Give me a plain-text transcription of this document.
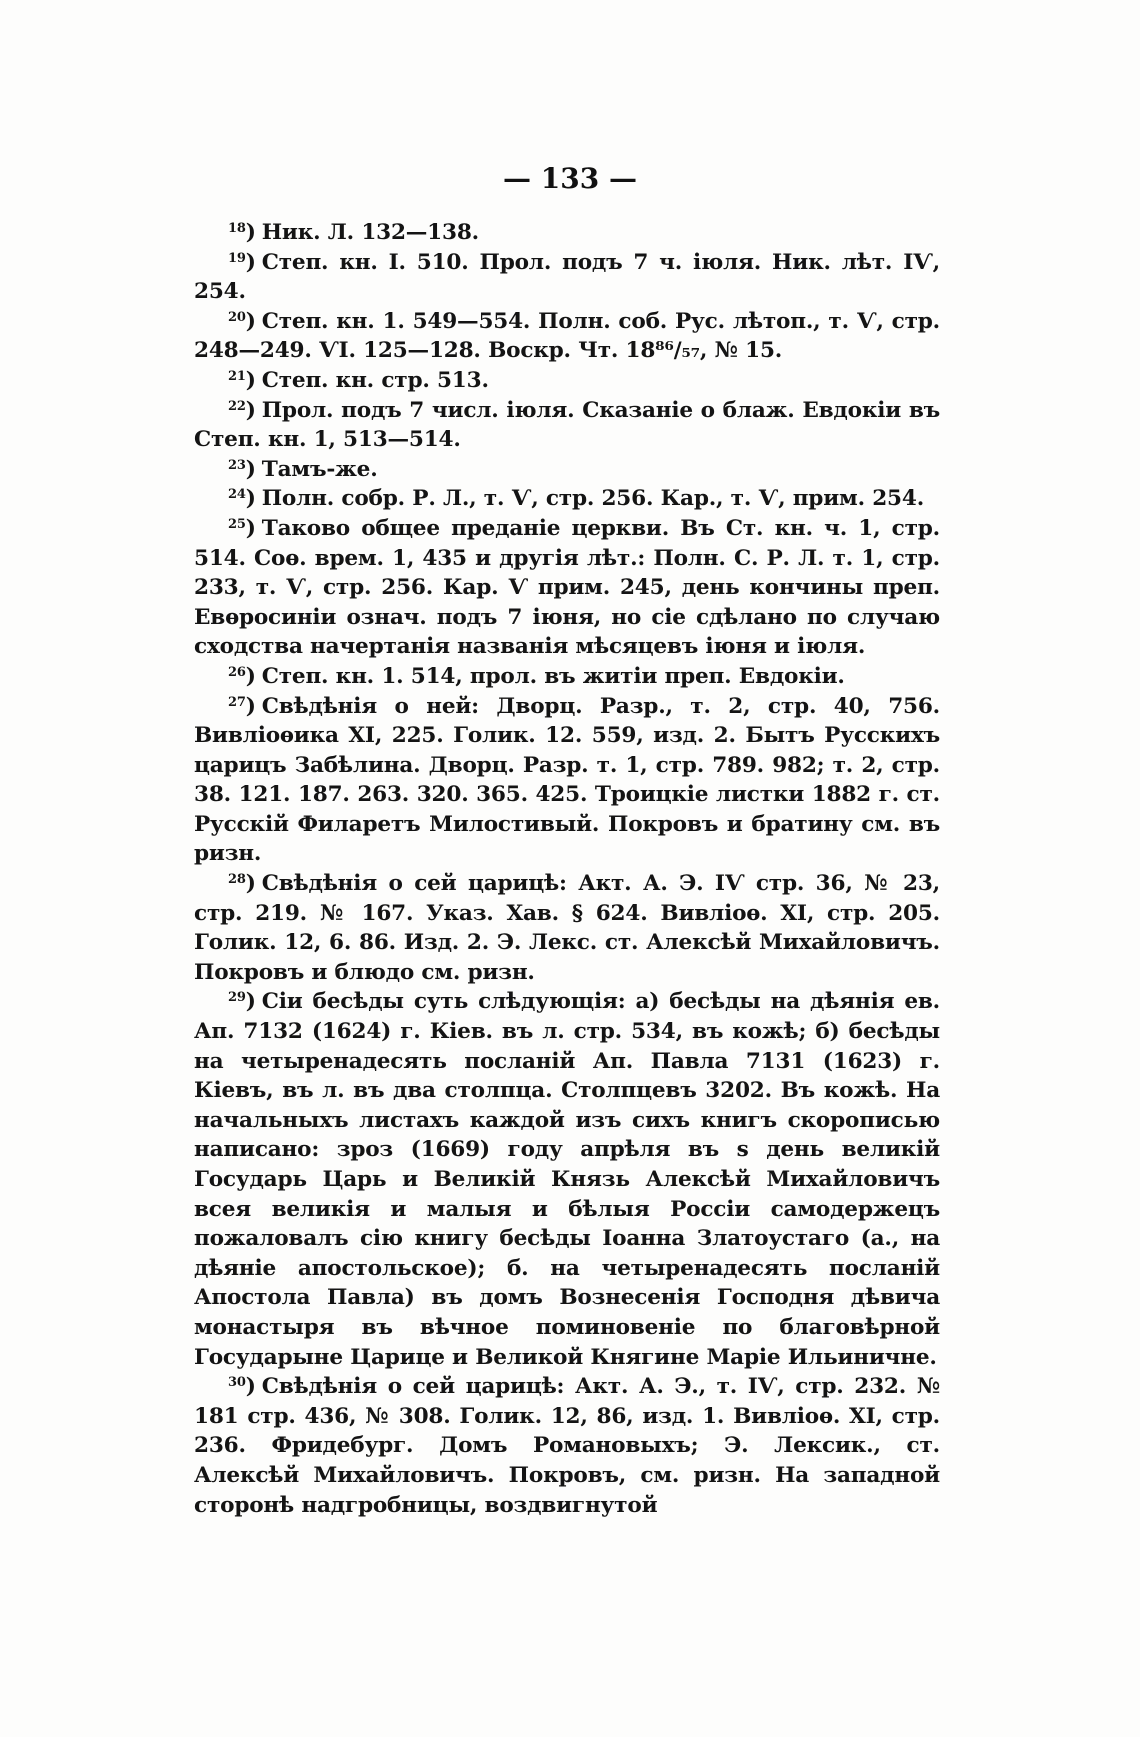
— 133 —

$^{18}$) Ник. Л. 132—138.

$^{19}$) Степ. кн. І. 510. Прол. подъ 7 ч. іюля. Ник. лѣт. IѴ, 254.

$^{20}$) Степ. кн. 1. 549—554. Полн. соб. Рус. лѣтоп., т. Ѵ, стр. 248—249. ѴІ. 125—128. Воскр. Чт. 18⁸⁶/₅₇, № 15.

$^{21}$) Степ. кн. стр. 513.

$^{22}$) Прол. подъ 7 числ. іюля. Сказаніе о блаж. Евдокіи въ Степ. кн. 1, 513—514.

$^{23}$) Тамъ-же.

$^{24}$) Полн. собр. Р. Л., т. Ѵ, стр. 256. Кар., т. Ѵ, прим. 254.

$^{25}$) Таково общее преданіе церкви. Въ Ст. кн. ч. 1, стр. 514. Соѳ. врем. 1, 435 и другія лѣт.: Полн. С. Р. Л. т. 1, стр. 233, т. Ѵ, стр. 256. Кар. Ѵ прим. 245, день кончины преп. Евѳросиніи означ. подъ 7 іюня, но сіе сдѣлано по случаю сходства начертанія названія мѣсяцевъ іюня и іюля.

$^{26}$) Степ. кн. 1. 514, прол. въ житіи преп. Евдокіи.

$^{27}$) Свѣдѣнія о ней: Дворц. Разр., т. 2, стр. 40, 756. Вивліоѳика XI, 225. Голик. 12. 559, изд. 2. Бытъ Русскихъ царицъ Забѣлина. Дворц. Разр. т. 1, стр. 789. 982; т. 2, стр. 38. 121. 187. 263. 320. 365. 425. Троицкіе листки 1882 г. ст. Русскій Филаретъ Милостивый. Покровъ и братину см. въ ризн.

$^{28}$) Свѣдѣнія о сей царицѣ: Акт. А. Э. IѴ стр. 36, № 23, стр. 219. № 167. Указ. Хав. § 624. Вивліоѳ. XI, стр. 205. Голик. 12, 6. 86. Изд. 2. Э. Лекс. ст. Алексѣй Михайловичъ. Покровъ и блюдо см. ризн.

$^{29}$) Сіи бесѣды суть слѣдующія: а) бесѣды на дѣянія ев. Ап. 7132 (1624) г. Кіев. въ л. стр. 534, въ кожѣ; б) бесѣды на четыренадесять посланій Ап. Павла 7131 (1623) г. Кіевъ, въ л. въ два столпца. Столпцевъ 3202. Въ кожѣ. На начальныхъ листахъ каждой изъ сихъ книгъ скорописью написано: зроз (1669) году апрѣля въ ѕ день великій Государь Царь и Великій Князь Алексѣй Михайловичъ всея великія и малыя и бѣлыя Россіи самодержецъ пожаловалъ сію книгу бесѣды Іоанна Златоустаго (а., на дѣяніе апостольское); б. на четыренадесять посланій Апостола Павла) въ домъ Вознесенія Господня дѣвича монастыря въ вѣчное поминовеніе по благовѣрной Государыне Царице и Великой Княгине Маріе Ильиничне.

$^{30}$) Свѣдѣнія о сей царицѣ: Акт. А. Э., т. IѴ, стр. 232. № 181 стр. 436, № 308. Голик. 12, 86, изд. 1. Вивліоѳ. XI, стр. 236. Фридебург. Домъ Романовыхъ; Э. Лексик., ст. Алексѣй Михайловичъ. Покровъ, см. ризн. На западной сторонѣ надгробницы, воздвигнутой
